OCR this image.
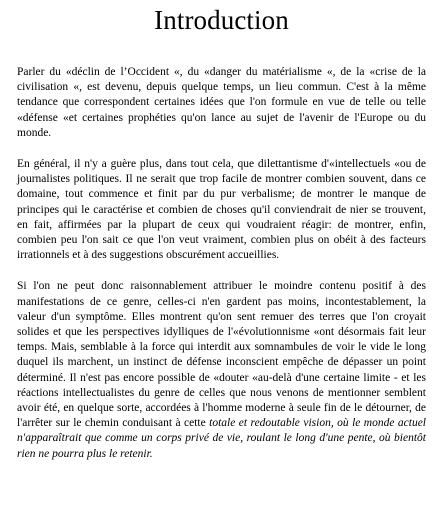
Introduction

Parler du «déclin de l’Occident «, du «danger du matérialisme «, de la «crise de la civilisation «, est devenu, depuis quelque temps, un lieu commun. C'est à la même tendance que correspondent certaines idées que l'on formule en vue de telle ou telle «défense «et certaines prophéties qu'on lance au sujet de l'avenir de l'Europe ou du monde.

En général, il n'y a guère plus, dans tout cela, que dilettantisme d'«intellectuels «ou de journalistes politiques. Il ne serait que trop facile de montrer combien souvent, dans ce domaine, tout commence et finit par du pur verbalisme; de montrer le manque de principes qui le caractérise et combien de choses qu'il conviendrait de nier se trouvent, en fait, affirmées par la plupart de ceux qui voudraient réagir: de montrer, enfin, combien peu l'on sait ce que l'on veut vraiment, combien plus on obéit à des facteurs irrationnels et à des suggestions obscurément accueillies.

Si l'on ne peut donc raisonnablement attribuer le moindre contenu positif à des manifestations de ce genre, celles-ci n'en gardent pas moins, incontestablement, la valeur d'un symptôme. Elles montrent qu'on sent remuer des terres que l'on croyait solides et que les perspectives idylliques de l'«évolutionnisme «ont désormais fait leur temps. Mais, semblable à la force qui interdit aux somnambules de voir le vide le long duquel ils marchent, un instinct de défense inconscient empêche de dépasser un point déterminé. Il n'est pas encore possible de «douter «au-delà d'une certaine limite - et les réactions intellectualistes du genre de celles que nous venons de mentionner semblent avoir été, en quelque sorte, accordées à l'homme moderne à seule fin de le détourner, de l'arrêter sur le chemin conduisant à cette totale et redoutable vision, où le monde actuel n'apparaîtrait que comme un corps privé de vie, roulant le long d'une pente, où bientôt rien ne pourra plus le retenir.
